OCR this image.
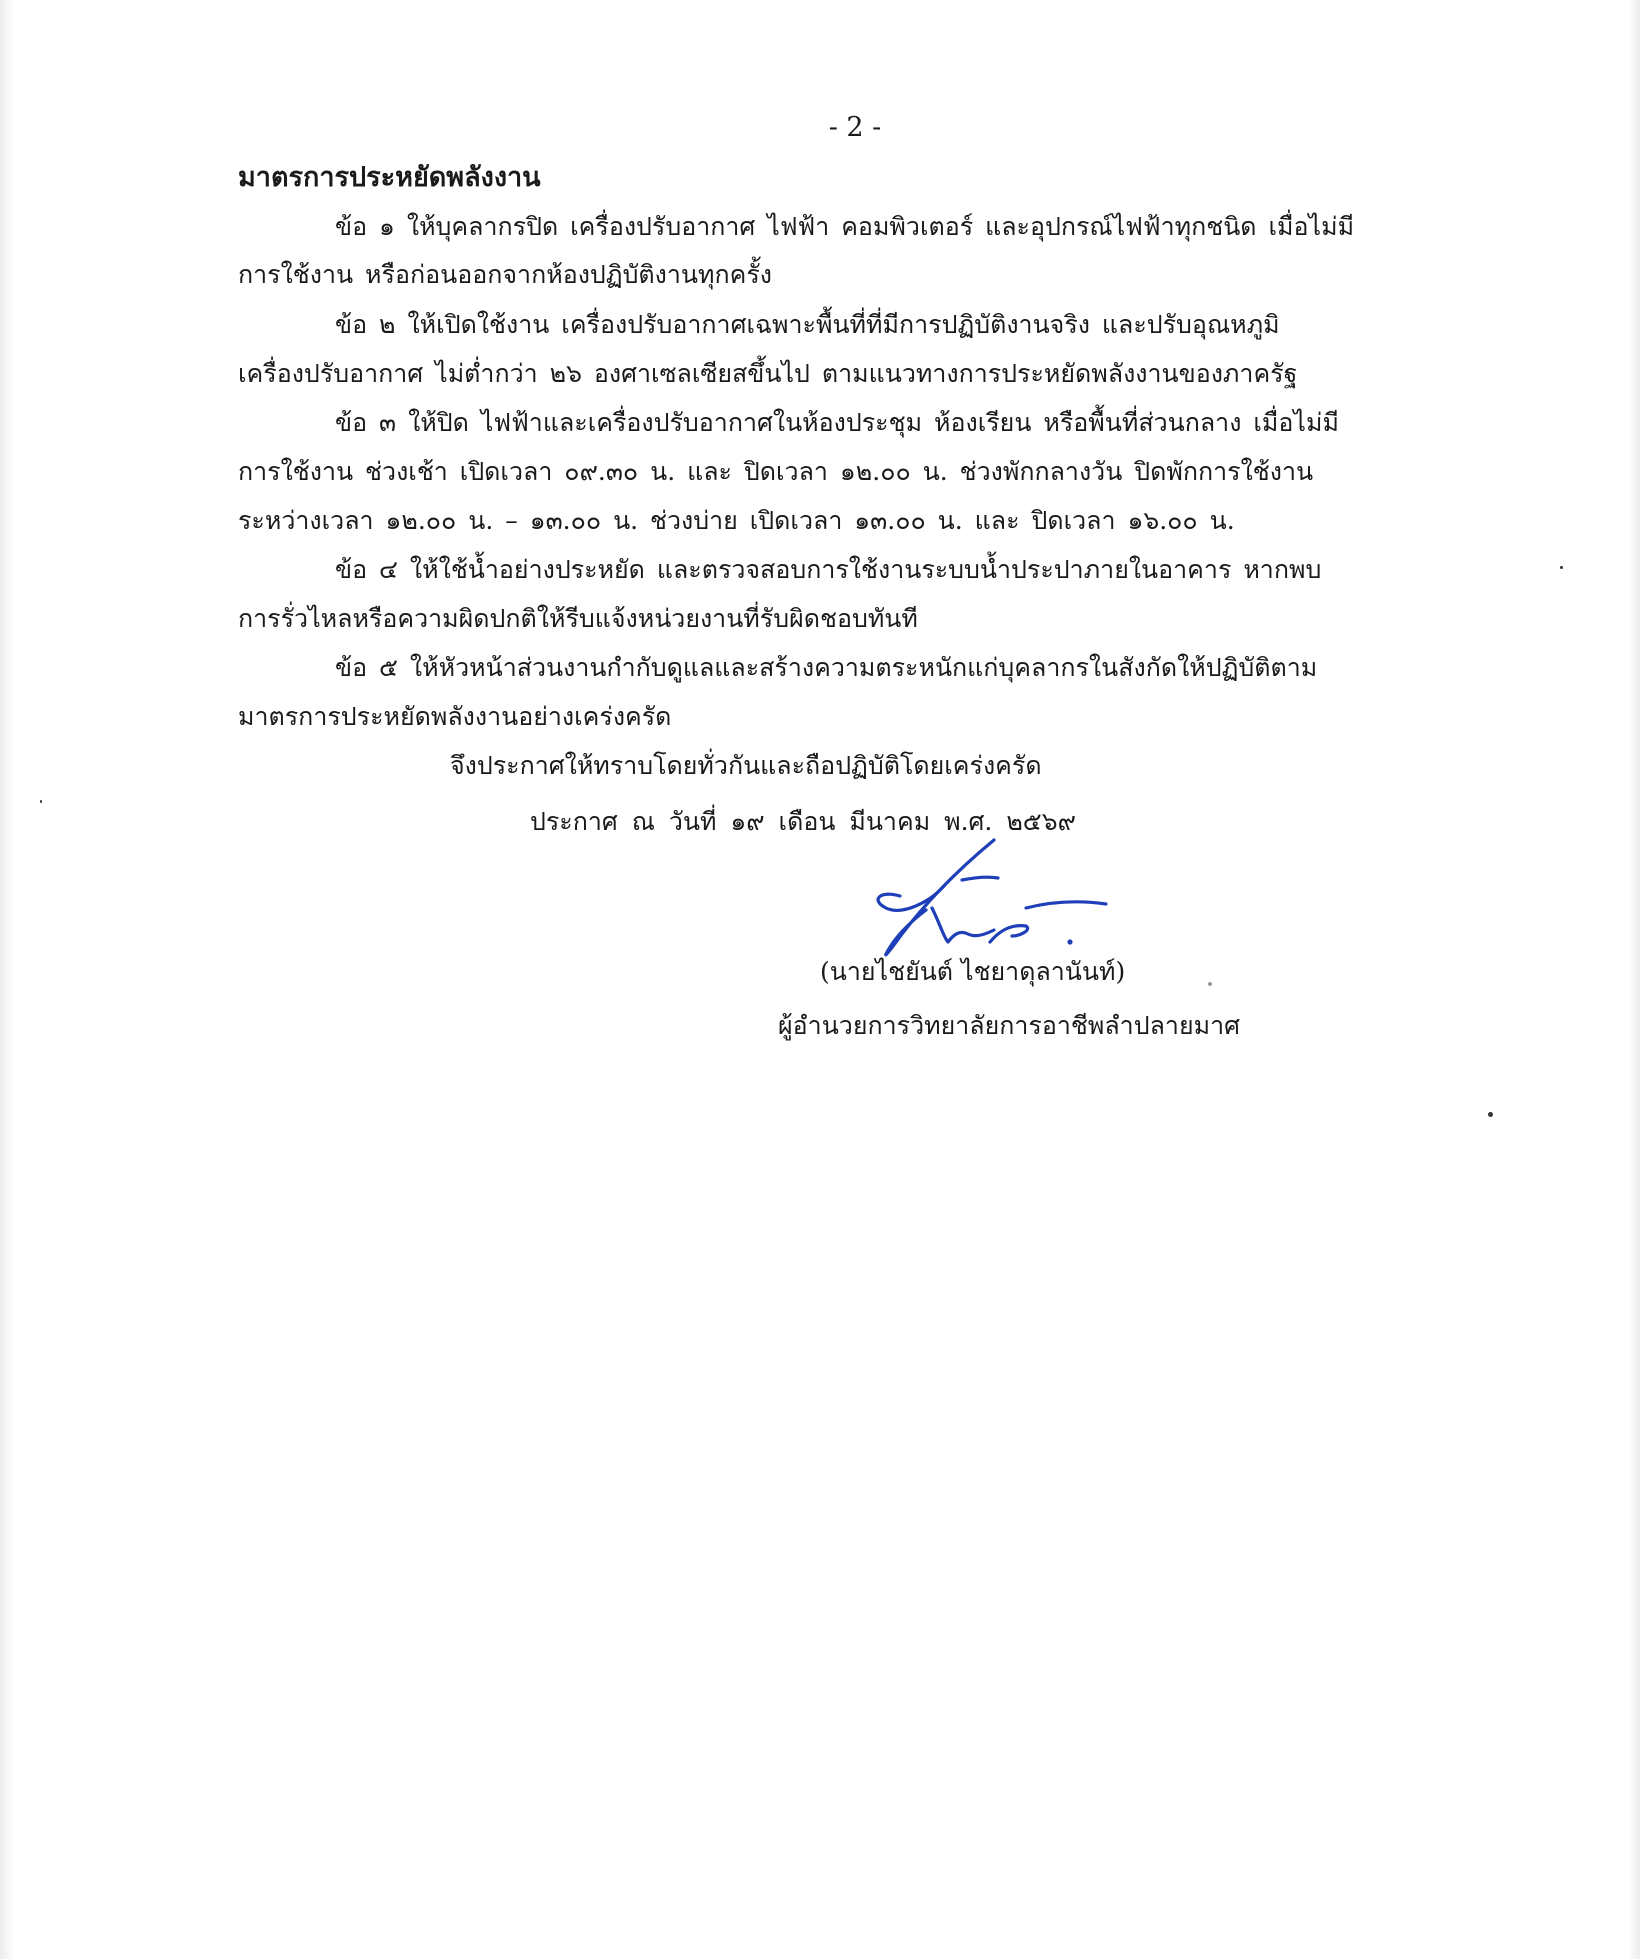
- 2 -
มาตรการประหยัดพลังงาน
ข้อ ๑ ให้บุคลากรปิด เครื่องปรับอากาศ ไฟฟ้า คอมพิวเตอร์ และอุปกรณ์ไฟฟ้าทุกชนิด เมื่อไม่มี
การใช้งาน หรือก่อนออกจากห้องปฏิบัติงานทุกครั้ง
ข้อ ๒ ให้เปิดใช้งาน เครื่องปรับอากาศเฉพาะพื้นที่ที่มีการปฏิบัติงานจริง และปรับอุณหภูมิ
เครื่องปรับอากาศ ไม่ต่ำกว่า ๒๖ องศาเซลเซียสขึ้นไป ตามแนวทางการประหยัดพลังงานของภาครัฐ
ข้อ ๓ ให้ปิด ไฟฟ้าและเครื่องปรับอากาศในห้องประชุม ห้องเรียน หรือพื้นที่ส่วนกลาง เมื่อไม่มี
การใช้งาน ช่วงเช้า เปิดเวลา ๐๙.๓๐ น. และ ปิดเวลา ๑๒.๐๐ น. ช่วงพักกลางวัน ปิดพักการใช้งาน
ระหว่างเวลา ๑๒.๐๐ น. – ๑๓.๐๐ น. ช่วงบ่าย เปิดเวลา ๑๓.๐๐ น. และ ปิดเวลา ๑๖.๐๐ น.
ข้อ ๔ ให้ใช้น้ำอย่างประหยัด และตรวจสอบการใช้งานระบบน้ำประปาภายในอาคาร หากพบ
การรั่วไหลหรือความผิดปกติให้รีบแจ้งหน่วยงานที่รับผิดชอบทันที
ข้อ ๕ ให้หัวหน้าส่วนงานกำกับดูแลและสร้างความตระหนักแก่บุคลากรในสังกัดให้ปฏิบัติตาม
มาตรการประหยัดพลังงานอย่างเคร่งครัด
จึงประกาศให้ทราบโดยทั่วกันและถือปฏิบัติโดยเคร่งครัด
ประกาศ ณ วันที่ ๑๙ เดือน มีนาคม พ.ศ. ๒๕๖๙
(นายไชยันต์ ไชยาดุลานันท์)
ผู้อำนวยการวิทยาลัยการอาชีพลำปลายมาศ
